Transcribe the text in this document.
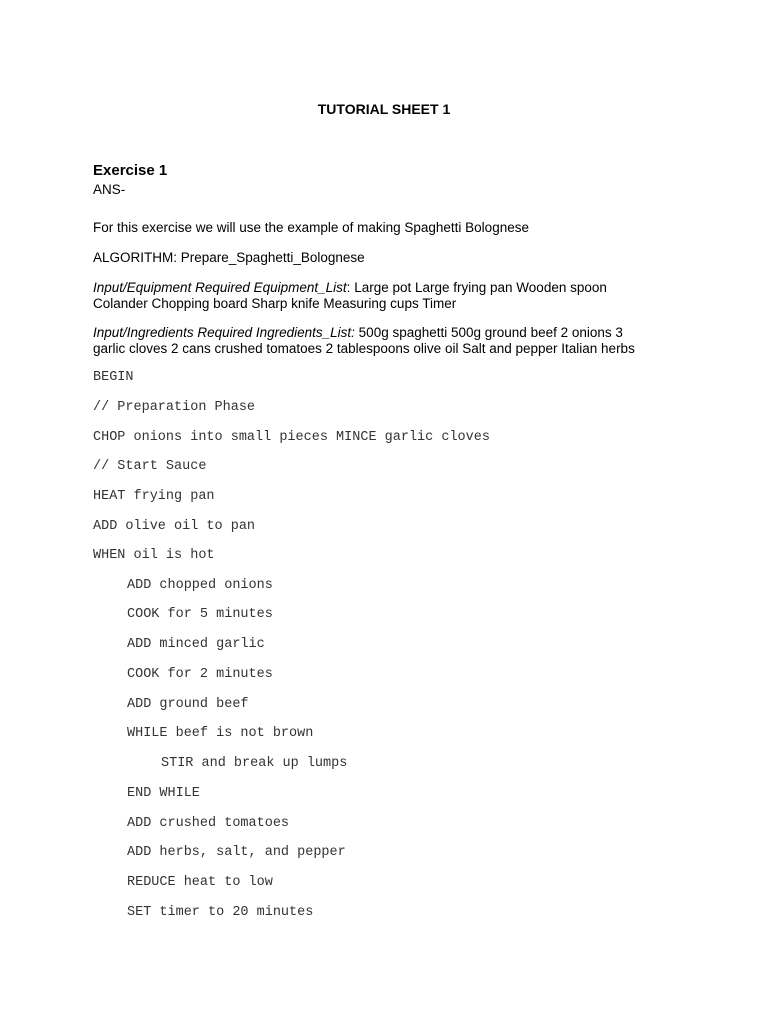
TUTORIAL SHEET 1
Exercise 1
ANS-
For this exercise we will use the example of making Spaghetti Bolognese
ALGORITHM: Prepare_Spaghetti_Bolognese
Input/Equipment Required Equipment_List: Large pot Large frying pan Wooden spoon
Colander Chopping board Sharp knife Measuring cups Timer
Input/Ingredients Required Ingredients_List: 500g spaghetti 500g ground beef 2 onions 3
garlic cloves 2 cans crushed tomatoes 2 tablespoons olive oil Salt and pepper Italian herbs
BEGIN
// Preparation Phase
CHOP onions into small pieces MINCE garlic cloves
// Start Sauce
HEAT frying pan
ADD olive oil to pan
WHEN oil is hot
ADD chopped onions
COOK for 5 minutes
ADD minced garlic
COOK for 2 minutes
ADD ground beef
WHILE beef is not brown
STIR and break up lumps
END WHILE
ADD crushed tomatoes
ADD herbs, salt, and pepper
REDUCE heat to low
SET timer to 20 minutes
